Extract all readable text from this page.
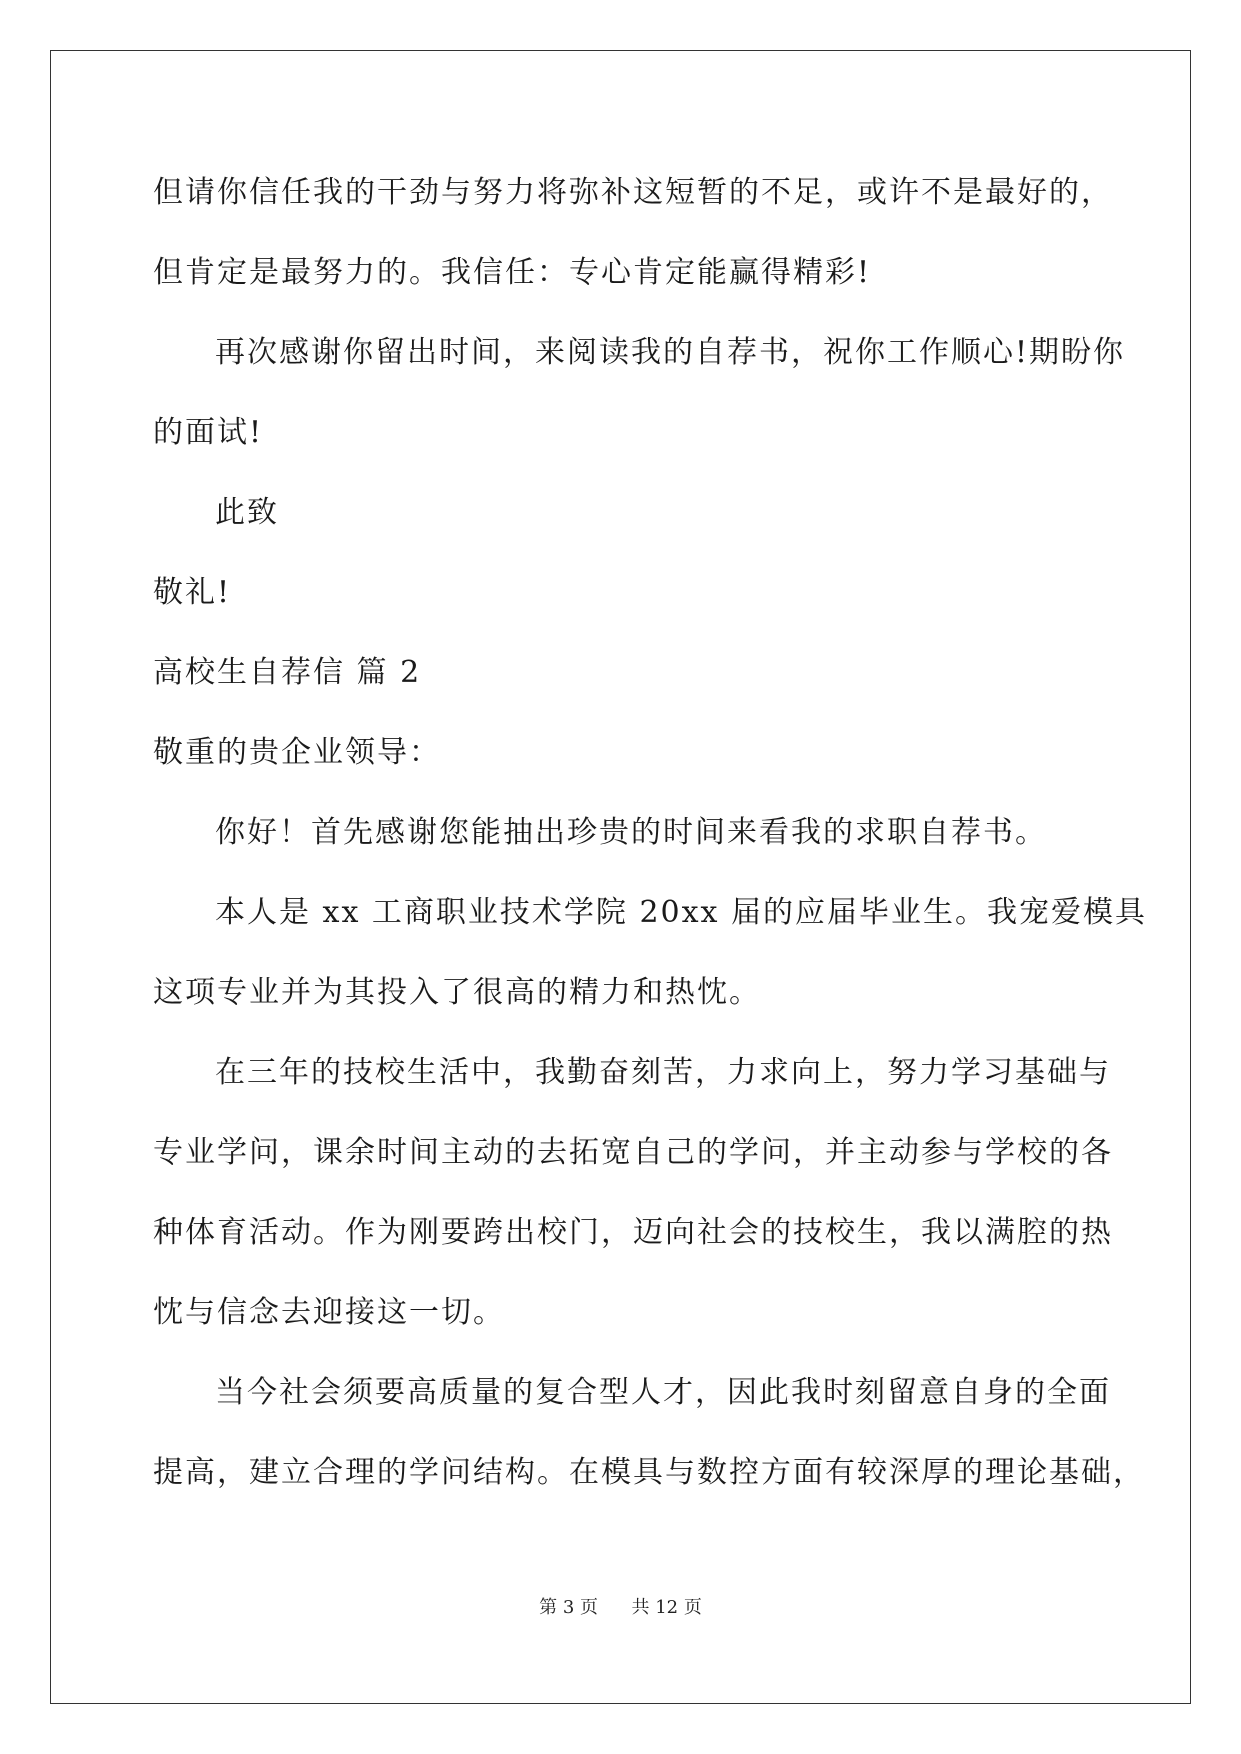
但请你信任我的干劲与努力将弥补这短暂的不足，或许不是最好的，
但肯定是最努力的。我信任：专心肯定能赢得精彩!
再次感谢你留出时间，来阅读我的自荐书，祝你工作顺心!期盼你
的面试!
此致
敬礼!
高校生自荐信 篇 2
敬重的贵企业领导：
你好！首先感谢您能抽出珍贵的时间来看我的求职自荐书。
本人是 xx 工商职业技术学院 20xx 届的应届毕业生。我宠爱模具
这项专业并为其投入了很高的精力和热忱。
在三年的技校生活中，我勤奋刻苦，力求向上，努力学习基础与
专业学问，课余时间主动的去拓宽自己的学问，并主动参与学校的各
种体育活动。作为刚要跨出校门，迈向社会的技校生，我以满腔的热
忱与信念去迎接这一切。
当今社会须要高质量的复合型人才，因此我时刻留意自身的全面
提高，建立合理的学问结构。在模具与数控方面有较深厚的理论基础，
第 3 页 共 12 页
